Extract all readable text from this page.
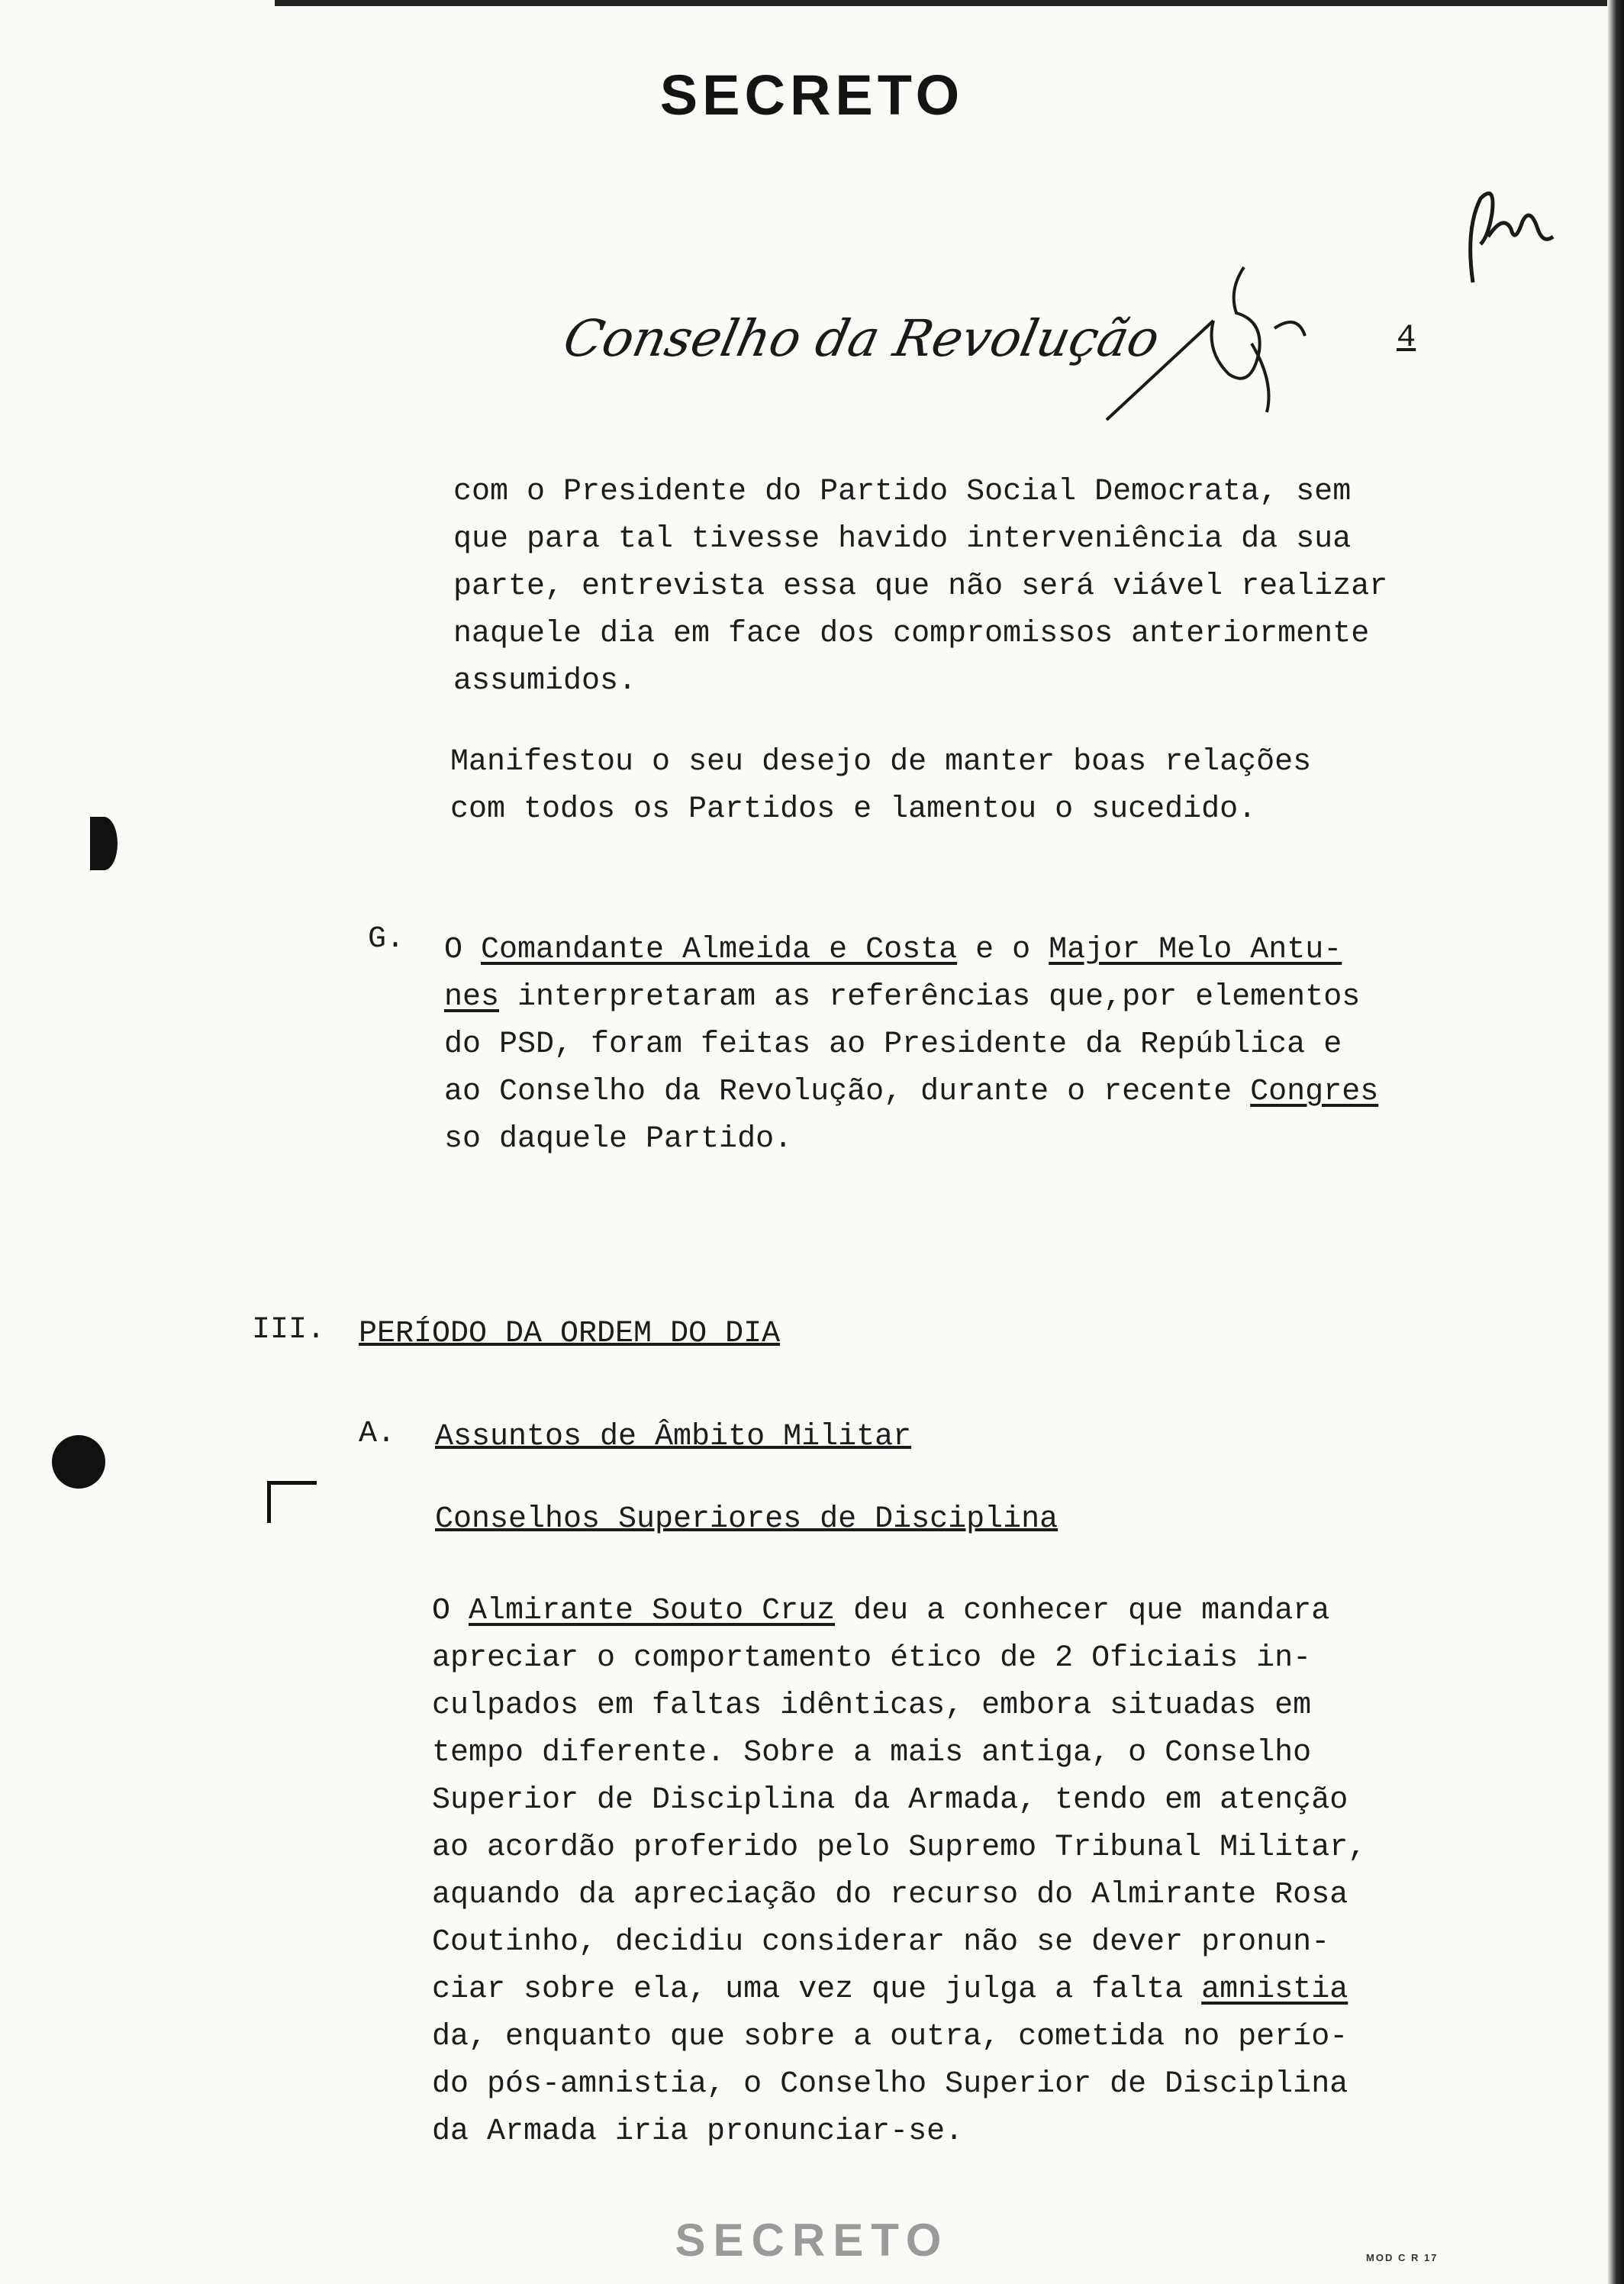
SECRETO
Conselho da Revolução	4

com o Presidente do Partido Social Democrata, sem

que para tal tivesse havido interveniência da sua

parte, entrevista essa que não será viável realizar

naquele dia em face dos compromissos anteriormente

assumidos.

Manifestou o seu desejo de manter boas relações

com todos os Partidos e lamentou o sucedido.

G. O Comandante Almeida e Costa e o Major Melo Antu-

nes interpretaram as referências que,por elementos

do PSD, foram feitas ao Presidente da República e

ao Conselho da Revolução, durante o recente Congres

so daquele Partido.

III. PERÍODO DA ORDEM DO DIA
A. Assuntos de Âmbito Militar
Conselhos Superiores de Disciplina

O Almirante Souto Cruz deu a conhecer que mandara

apreciar o comportamento ético de 2 Oficiais in-

culpados em faltas idênticas, embora situadas em

tempo diferente. Sobre a mais antiga, o Conselho

Superior de Disciplina da Armada, tendo em atenção

ao acordão proferido pelo Supremo Tribunal Militar,

aquando da apreciação do recurso do Almirante Rosa

Coutinho, decidiu considerar não se dever pronun-

ciar sobre ela, uma vez que julga a falta amnistia

da, enquanto que sobre a outra, cometida no perío-

do pós-amnistia, o Conselho Superior de Disciplina

da Armada iria pronunciar-se.

SECRETO	MOD C R 17
